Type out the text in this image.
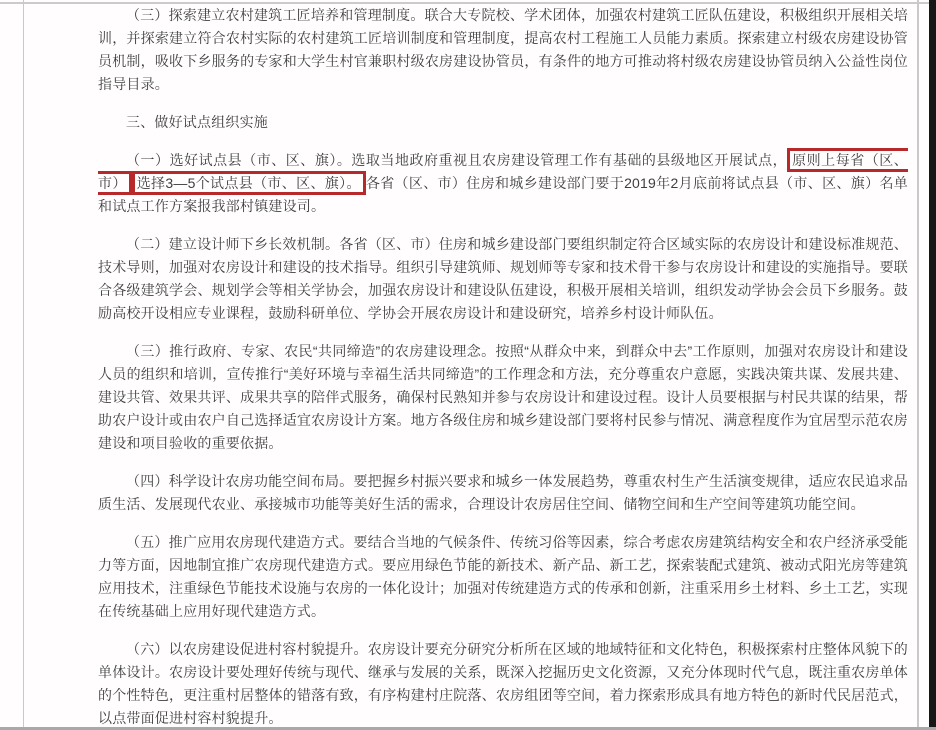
（三）探索建立农村建筑工匠培养和管理制度。联合大专院校、学术团体，加强农村建筑工匠队伍建设，积极组织开展相关培训，并探索建立符合农村实际的农村建筑工匠培训制度和管理制度，提高农村工程施工人员能力素质。探索建立村级农房建设协管员机制，吸收下乡服务的专家和大学生村官兼职村级农房建设协管员，有条件的地方可推动将村级农房建设协管员纳入公益性岗位指导目录。

三、做好试点组织实施

（一）选好试点县（市、区、旗）。选取当地政府重视且农房建设管理工作有基础的县级地区开展试点， 原则上每省（区、市） 选择3—5个试点县（市、区、旗）。 各省（区、市）住房和城乡建设部门要于2019年2月底前将试点县（市、区、旗）名单和试点工作方案报我部村镇建设司。

（二）建立设计师下乡长效机制。各省（区、市）住房和城乡建设部门要组织制定符合区域实际的农房设计和建设标准规范、技术导则，加强对农房设计和建设的技术指导。组织引导建筑师、规划师等专家和技术骨干参与农房设计和建设的实施指导。要联合各级建筑学会、规划学会等相关学协会，加强农房设计和建设队伍建设，积极开展相关培训，组织发动学协会会员下乡服务。鼓励高校开设相应专业课程，鼓励科研单位、学协会开展农房设计和建设研究，培养乡村设计师队伍。

（三）推行政府、专家、农民“共同缔造”的农房建设理念。按照“从群众中来，到群众中去”工作原则，加强对农房设计和建设人员的组织和培训，宣传推行“美好环境与幸福生活共同缔造”的工作理念和方法，充分尊重农户意愿，实践决策共谋、发展共建、建设共管、效果共评、成果共享的陪伴式服务，确保村民熟知并参与农房设计和建设过程。设计人员要根据与村民共谋的结果，帮助农户设计或由农户自己选择适宜农房设计方案。地方各级住房和城乡建设部门要将村民参与情况、满意程度作为宜居型示范农房建设和项目验收的重要依据。

（四）科学设计农房功能空间布局。要把握乡村振兴要求和城乡一体发展趋势，尊重农村生产生活演变规律，适应农民追求品质生活、发展现代农业、承接城市功能等美好生活的需求，合理设计农房居住空间、储物空间和生产空间等建筑功能空间。

（五）推广应用农房现代建造方式。要结合当地的气候条件、传统习俗等因素，综合考虑农房建筑结构安全和农户经济承受能力等方面，因地制宜推广农房现代建造方式。要应用绿色节能的新技术、新产品、新工艺，探索装配式建筑、被动式阳光房等建筑应用技术，注重绿色节能技术设施与农房的一体化设计；加强对传统建造方式的传承和创新，注重采用乡土材料、乡土工艺，实现在传统基础上应用好现代建造方式。

（六）以农房建设促进村容村貌提升。农房设计要充分研究分析所在区域的地域特征和文化特色，积极探索村庄整体风貌下的单体设计。农房设计要处理好传统与现代、继承与发展的关系，既深入挖掘历史文化资源，又充分体现时代气息，既注重农房单体的个性特色，更注重村居整体的错落有致，有序构建村庄院落、农房组团等空间，着力探索形成具有地方特色的新时代民居范式，以点带面促进村容村貌提升。
